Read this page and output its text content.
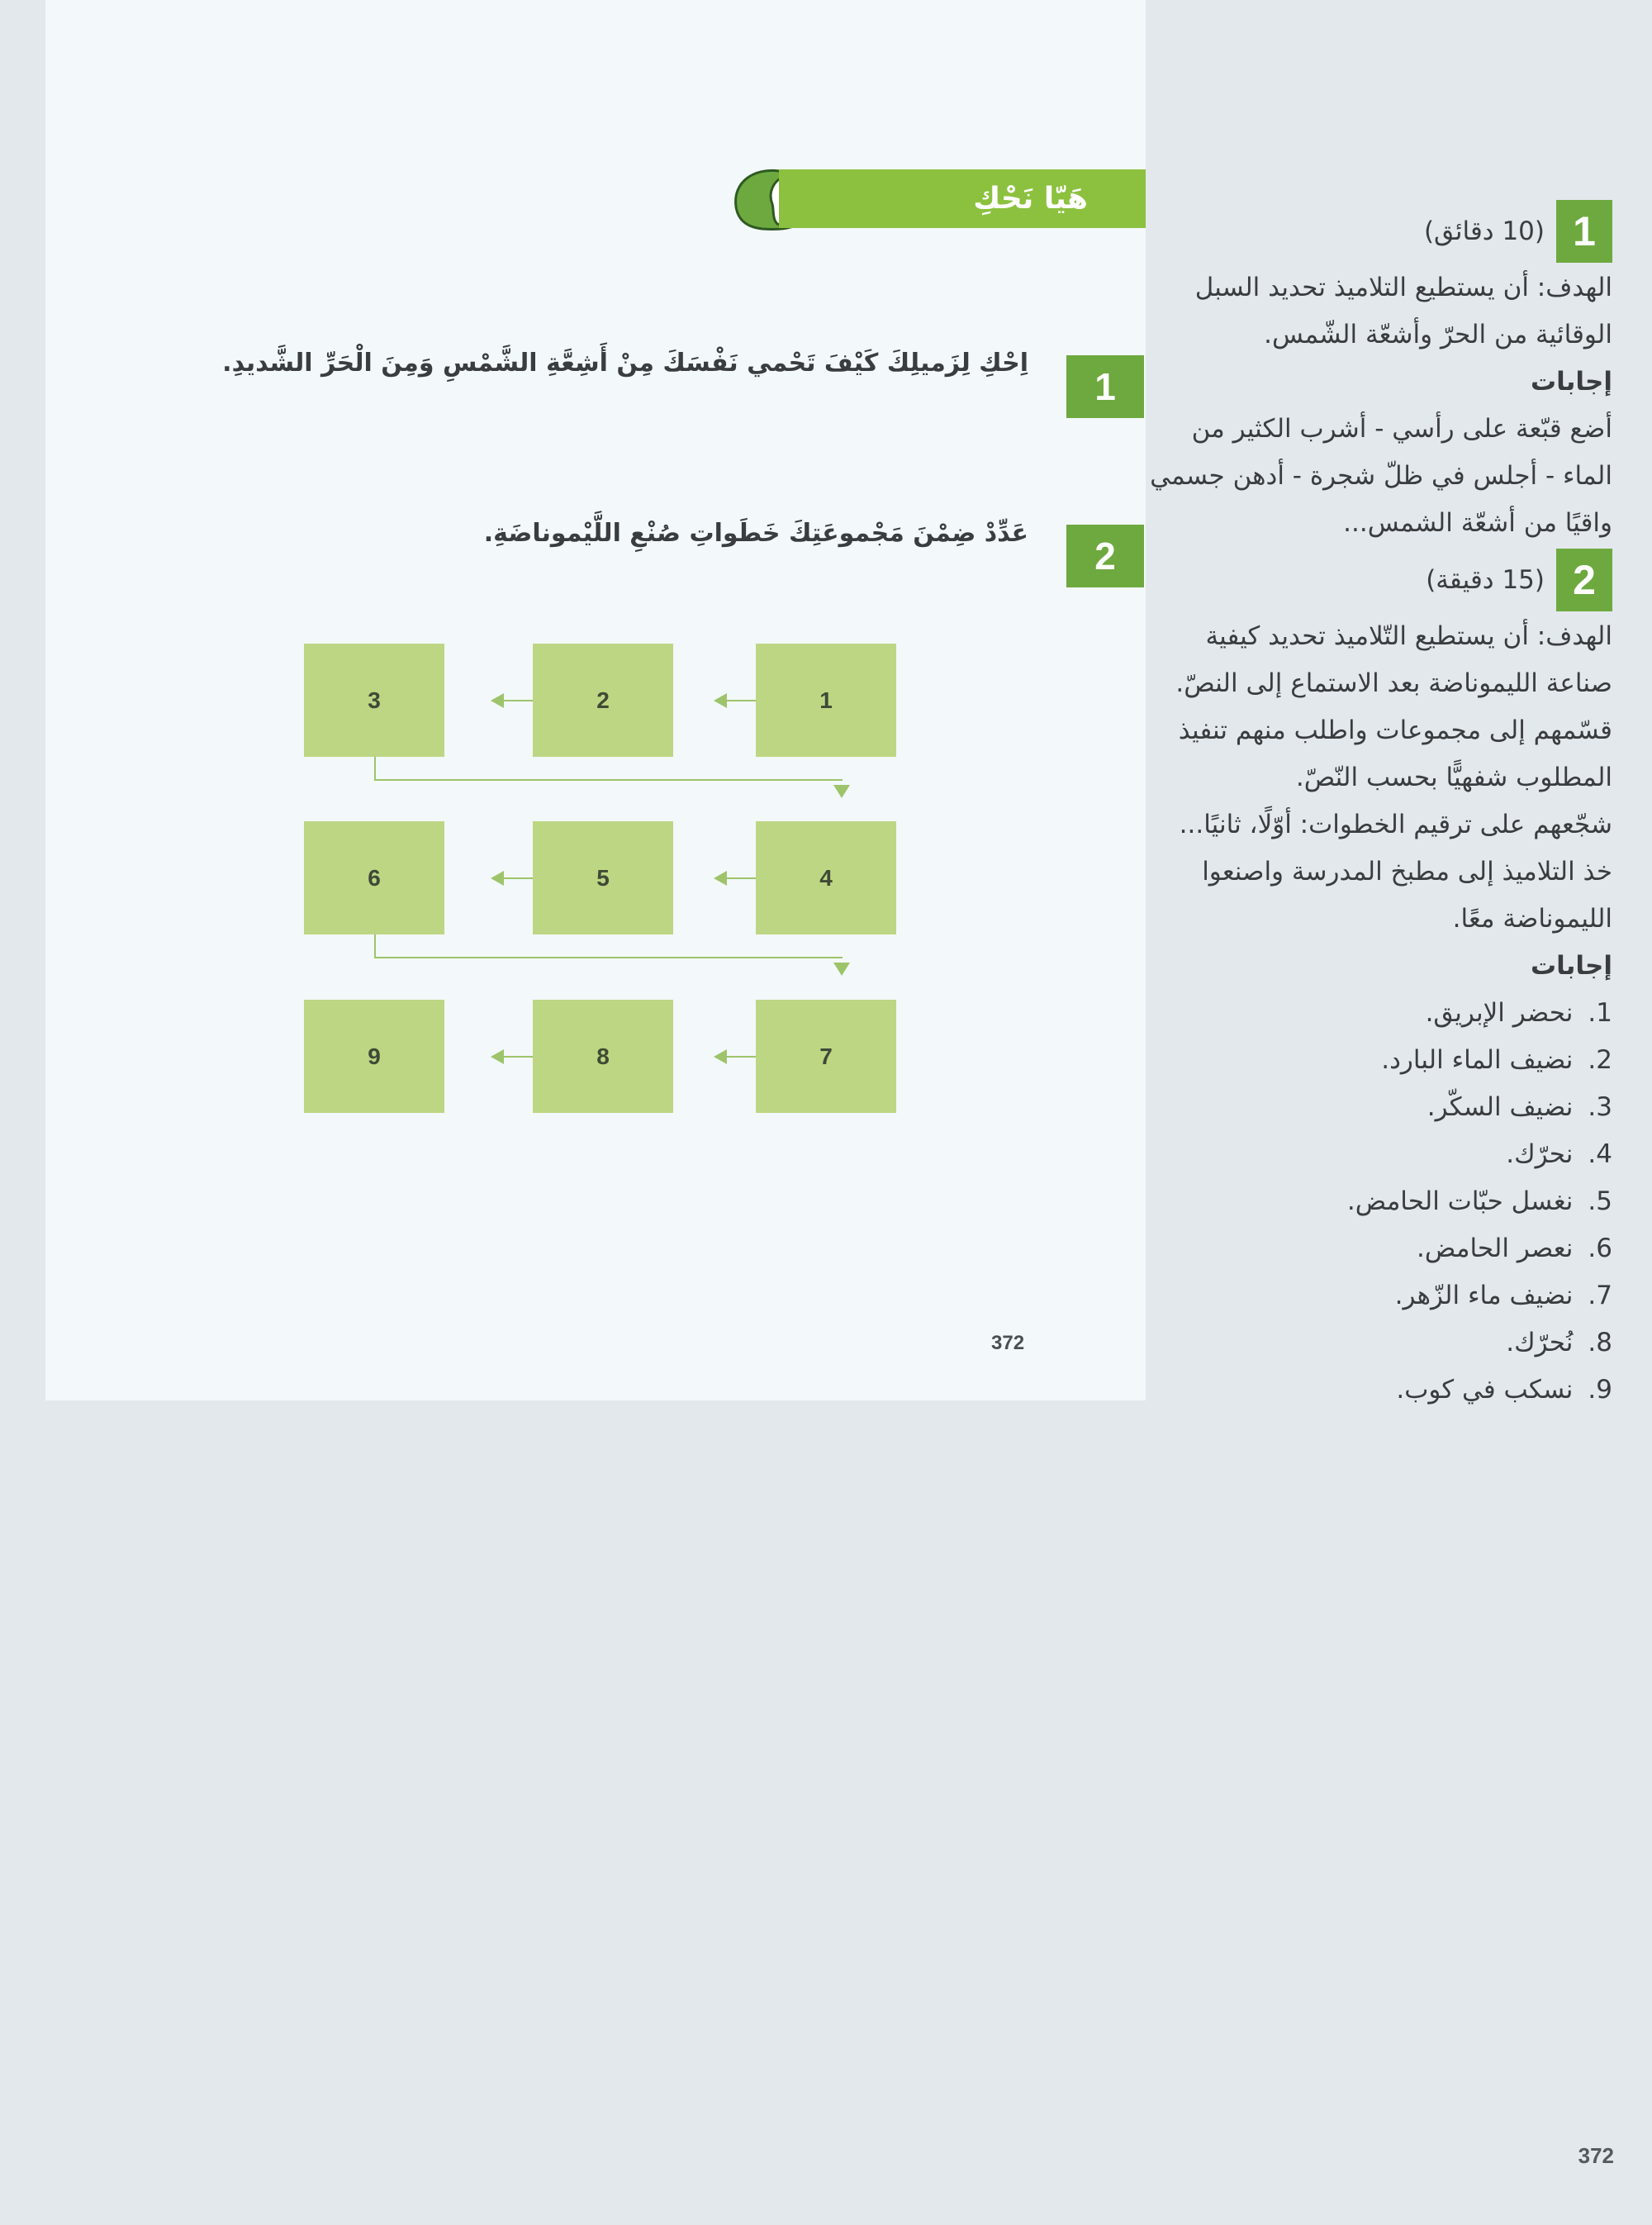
هَيّا نَحْكِ
1
اِحْكِ لِزَميلِكَ كَيْفَ تَحْمي نَفْسَكَ مِنْ أَشِعَّةِ الشَّمْسِ وَمِنَ الْحَرِّ الشَّديدِ.
2
عَدِّدْ ضِمْنَ مَجْموعَتِكَ خَطَواتِ صُنْعِ اللَّيْموناضَةِ.
1
2
3
4
5
6
7
8
9
372
1
(10 دقائق)

الهدف: أن يستطيع التلاميذ تحديد السبل الوقائية من الحرّ وأشعّة الشّمس.

إجابات

أضع قبّعة على رأسي - أشرب الكثير من الماء - أجلس في ظلّ شجرة - أدهن جسمي واقيًا من أشعّة الشمس...

2
(15 دقيقة)

الهدف: أن يستطيع التّلاميذ تحديد كيفية صناعة الليموناضة بعد الاستماع إلى النصّ.

قسّمهم إلى مجموعات واطلب منهم تنفيذ المطلوب شفهيًّا بحسب النّصّ.

شجّعهم على ترقيم الخطوات: أوّلًا، ثانيًا...

خذ التلاميذ إلى مطبخ المدرسة واصنعوا الليموناضة معًا.

إجابات
1.
نحضر الإبريق.
2.
نضيف الماء البارد.
3.
نضيف السكّر.
4.
نحرّك.
5.
نغسل حبّات الحامض.
6.
نعصر الحامض.
7.
نضيف ماء الزّهر.
8.
نُحرّك.
9.
نسكب في كوب.
372
